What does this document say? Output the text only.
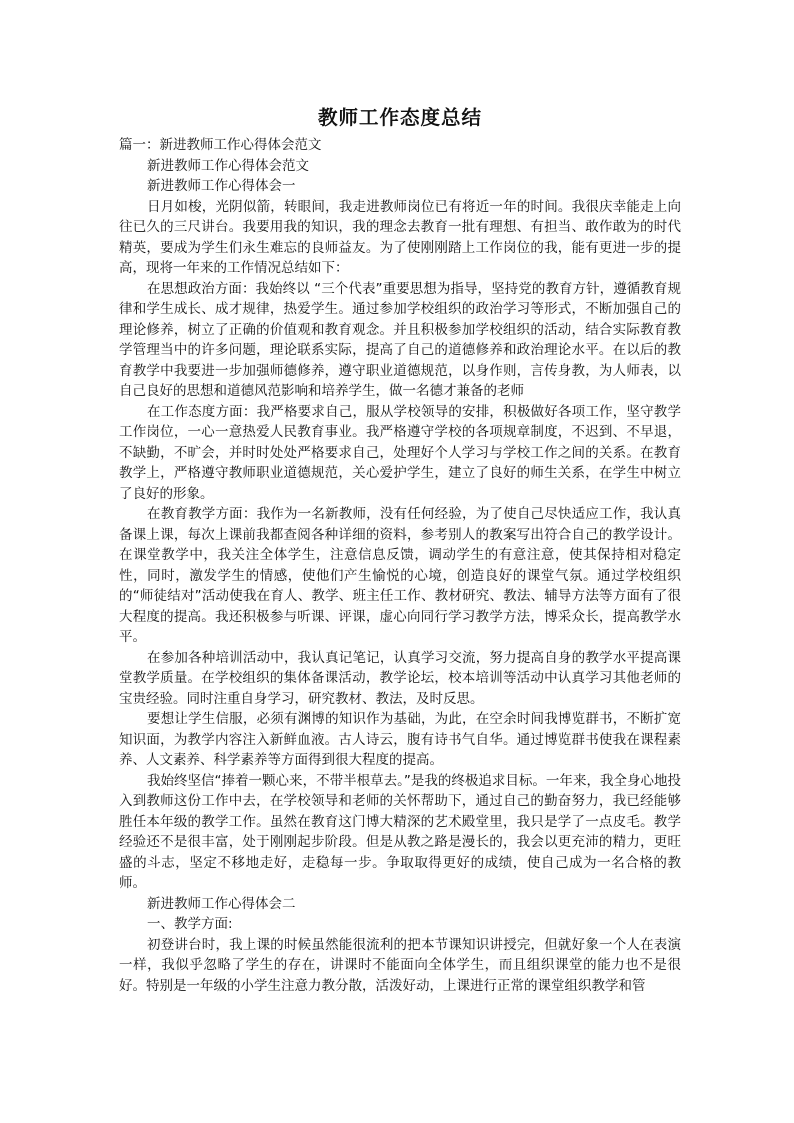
教师工作态度总结
篇一：新进教师工作心得体会范文
新进教师工作心得体会范文
新进教师工作心得体会一

日月如梭，光阴似箭，转眼间，我走进教师岗位已有将近一年的时间。我很庆幸能走上向往已久的三尺讲台。我要用我的知识，我的理念去教育一批有理想、有担当、敢作敢为的时代精英，要成为学生们永生难忘的良师益友。为了使刚刚踏上工作岗位的我，能有更进一步的提高，现将一年来的工作情况总结如下：

在思想政治方面：我始终以 “三个代表”重要思想为指导，坚持党的教育方针，遵循教育规律和学生成长、成才规律，热爱学生。通过参加学校组织的政治学习等形式，不断加强自己的理论修养，树立了正确的价值观和教育观念。并且积极参加学校组织的活动，结合实际教育教学管理当中的许多问题，理论联系实际，提高了自己的道德修养和政治理论水平。在以后的教育教学中我要进一步加强师德修养，遵守职业道德规范，以身作则，言传身教，为人师表，以自己良好的思想和道德风范影响和培养学生，做一名德才兼备的老师

在工作态度方面：我严格要求自己，服从学校领导的安排，积极做好各项工作，坚守教学工作岗位，一心一意热爱人民教育事业。我严格遵守学校的各项规章制度，不迟到、不早退，不缺勤，不旷会，并时时处处严格要求自己，处理好个人学习与学校工作之间的关系。在教育教学上，严格遵守教师职业道德规范，关心爱护学生，建立了良好的师生关系，在学生中树立了良好的形象。

在教育教学方面：我作为一名新教师，没有任何经验，为了使自己尽快适应工作，我认真备课上课，每次上课前我都查阅各种详细的资料，参考别人的教案写出符合自己的教学设计。在课堂教学中，我关注全体学生，注意信息反馈，调动学生的有意注意，使其保持相对稳定性，同时，激发学生的情感，使他们产生愉悦的心境，创造良好的课堂气氛。通过学校组织的“师徒结对”活动使我在育人、教学、班主任工作、教材研究、教法、辅导方法等方面有了很大程度的提高。我还积极参与听课、评课，虚心向同行学习教学方法，博采众长，提高教学水平。

在参加各种培训活动中，我认真记笔记，认真学习交流，努力提高自身的教学水平提高课堂教学质量。在学校组织的集体备课活动，教学论坛，校本培训等活动中认真学习其他老师的宝贵经验。同时注重自身学习，研究教材、教法，及时反思。

要想让学生信服，必须有渊博的知识作为基础，为此，在空余时间我博览群书，不断扩宽知识面，为教学内容注入新鲜血液。古人诗云，腹有诗书气自华。通过博览群书使我在课程素养、人文素养、科学素养等方面得到很大程度的提高。

我始终坚信“捧着一颗心来，不带半根草去。”是我的终极追求目标。一年来，我全身心地投入到教师这份工作中去，在学校领导和老师的关怀帮助下，通过自己的勤奋努力，我已经能够胜任本年级的教学工作。虽然在教育这门博大精深的艺术殿堂里，我只是学了一点皮毛。教学经验还不是很丰富，处于刚刚起步阶段。但是从教之路是漫长的，我会以更充沛的精力，更旺盛的斗志，坚定不移地走好，走稳每一步。争取取得更好的成绩，使自己成为一名合格的教师。

新进教师工作心得体会二
一、教学方面:

初登讲台时，我上课的时候虽然能很流利的把本节课知识讲授完，但就好象一个人在表演一样，我似乎忽略了学生的存在，讲课时不能面向全体学生，而且组织课堂的能力也不是很好。特别是一年级的小学生注意力教分散，活泼好动，上课进行正常的课堂组织教学和管
